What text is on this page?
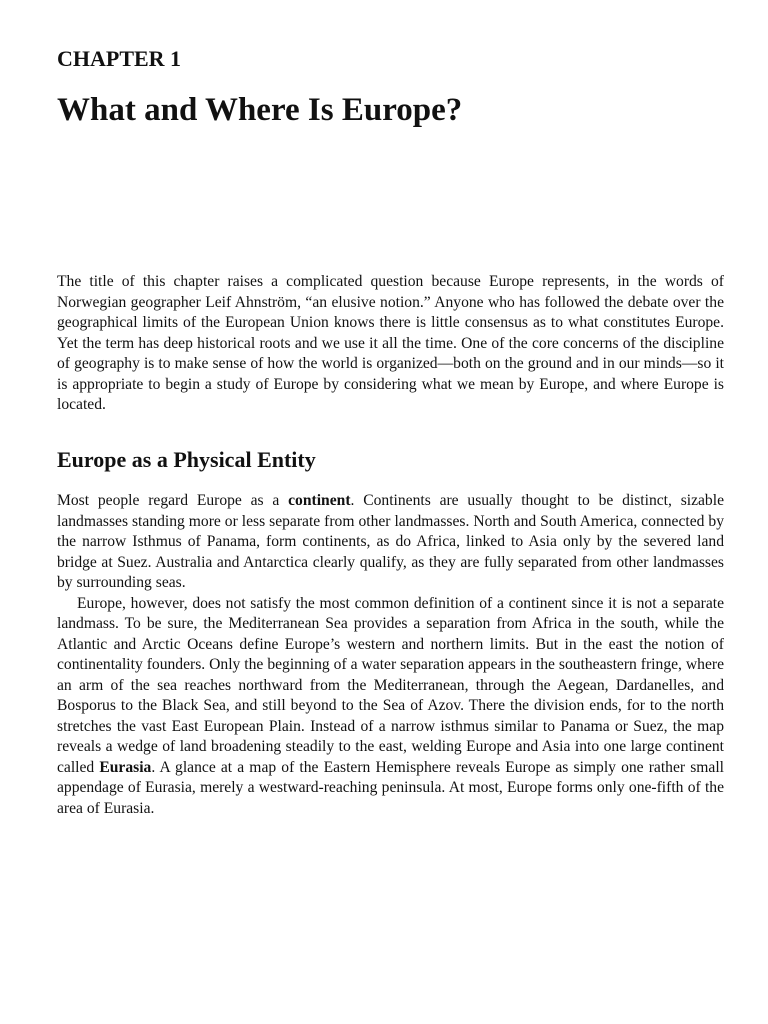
CHAPTER 1
What and Where Is Europe?

The title of this chapter raises a complicated question because Europe represents, in the words of Norwegian geographer Leif Ahnström, “an elusive notion.” Anyone who has followed the debate over the geographical limits of the European Union knows there is little consensus as to what constitutes Europe. Yet the term has deep historical roots and we use it all the time. One of the core concerns of the discipline of geography is to make sense of how the world is organized—both on the ground and in our minds—so it is appropriate to begin a study of Europe by considering what we mean by Europe, and where Europe is located.

Europe as a Physical Entity

Most people regard Europe as a continent. Continents are usually thought to be distinct, sizable landmasses standing more or less separate from other landmasses. North and South America, connected by the narrow Isthmus of Panama, form continents, as do Africa, linked to Asia only by the severed land bridge at Suez. Australia and Antarctica clearly qualify, as they are fully separated from other landmasses by surrounding seas.

Europe, however, does not satisfy the most common definition of a continent since it is not a separate landmass. To be sure, the Mediterranean Sea provides a separation from Africa in the south, while the Atlantic and Arctic Oceans define Europe’s western and northern limits. But in the east the notion of continentality founders. Only the beginning of a water separation appears in the southeastern fringe, where an arm of the sea reaches northward from the Mediterranean, through the Aegean, Dardanelles, and Bosporus to the Black Sea, and still beyond to the Sea of Azov. There the division ends, for to the north stretches the vast East European Plain. Instead of a narrow isthmus similar to Panama or Suez, the map reveals a wedge of land broadening steadily to the east, welding Europe and Asia into one large continent called Eurasia. A glance at a map of the Eastern Hemisphere reveals Europe as simply one rather small appendage of Eurasia, merely a westward-reaching peninsula. At most, Europe forms only one-fifth of the area of Eurasia.
